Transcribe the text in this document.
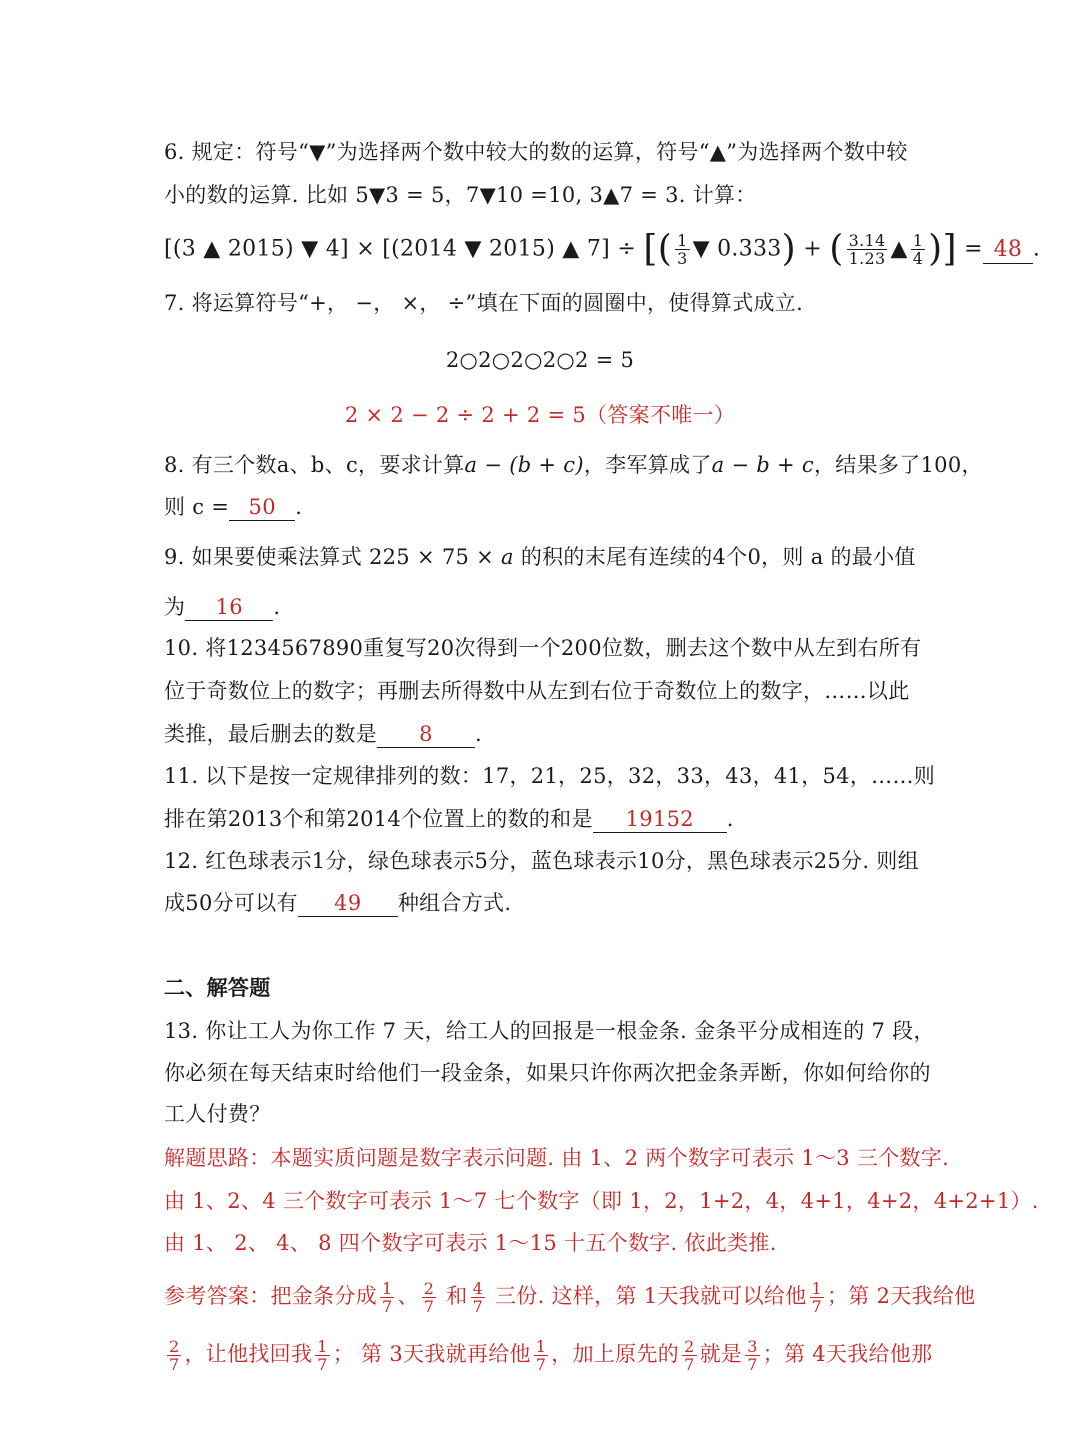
6. 规定：符号“▼”为选择两个数中较大的数的运算，符号“▲”为选择两个数中较
小的数的运算. 比如 5▼3 = 5，7▼10 =10, 3▲7 = 3. 计算：
[(3 ▲ 2015) ▼ 4] × [(2014 ▼ 2015) ▲ 7] ÷ [( $\frac{1}{3}$ ▼ 0.333) + ( $\frac{3.14}{1.23}$ ▲ $\frac{1}{4}$ )] = 48 .
7. 将运算符号“+， −， ×， ÷”填在下面的圆圈中，使得算式成立.
2○2○2○2○2 = 5
2 × 2 − 2 ÷ 2 + 2 = 5（答案不唯一）
8. 有三个数a、b、c，要求计算a − (b + c)，李军算成了a − b + c，结果多了100，
则 c = 50 .
9. 如果要使乘法算式 225 × 75 × a 的积的末尾有连续的4个0，则 a 的最小值
为 16 .
10. 将1234567890重复写20次得到一个200位数，删去这个数中从左到右所有
位于奇数位上的数字；再删去所得数中从左到右位于奇数位上的数字，……以此
类推，最后删去的数是 8 .
11. 以下是按一定规律排列的数：17，21，25，32，33，43，41，54，……则
排在第2013个和第2014个位置上的数的和是 19152 .
12. 红色球表示1分，绿色球表示5分，蓝色球表示10分，黑色球表示25分. 则组
成50分可以有 49 种组合方式.
二、解答题
13. 你让工人为你工作 7 天，给工人的回报是一根金条. 金条平分成相连的 7 段，
你必须在每天结束时给他们一段金条，如果只许你两次把金条弄断，你如何给你的
工人付费？
解题思路：本题实质问题是数字表示问题. 由 1、2 两个数字可表示 1～3 三个数字.
由 1、2、4 三个数字可表示 1～7 七个数字（即 1，2，1+2，4，4+1，4+2，4+2+1）.
由 1、 2、 4、 8 四个数字可表示 1～15 十五个数字. 依此类推.
参考答案：把金条分成 $\frac{1}{7}$ 、 $\frac{2}{7}$ 和 $\frac{4}{7}$ 三份. 这样，第 1天我就可以给他 $\frac{1}{7}$ ；第 2天我给他
$\frac{2}{7}$ ，让他找回我 $\frac{1}{7}$ ； 第 3天我就再给他 $\frac{1}{7}$ ，加上原先的 $\frac{2}{7}$ 就是 $\frac{3}{7}$ ；第 4天我给他那
